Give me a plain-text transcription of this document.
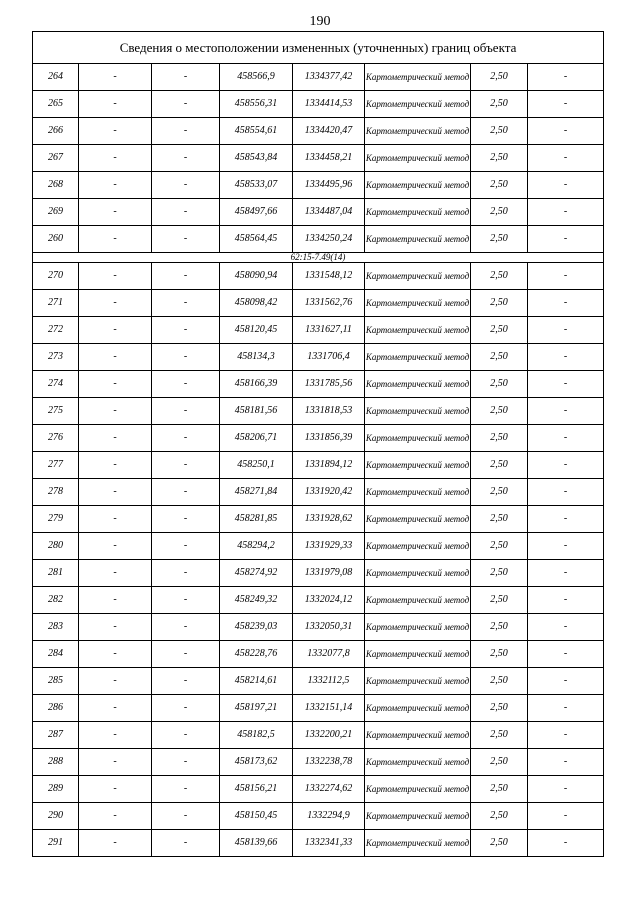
190
Сведения о местоположении измененных (уточненных) границ объекта							
264	-	-	458566,9	1334377,42	Картометрический метод	2,50	-
265	-	-	458556,31	1334414,53	Картометрический метод	2,50	-
266	-	-	458554,61	1334420,47	Картометрический метод	2,50	-
267	-	-	458543,84	1334458,21	Картометрический метод	2,50	-
268	-	-	458533,07	1334495,96	Картометрический метод	2,50	-
269	-	-	458497,66	1334487,04	Картометрический метод	2,50	-
260	-	-	458564,45	1334250,24	Картометрический метод	2,50	-
62:15-7.49(14)							
270	-	-	458090,94	1331548,12	Картометрический метод	2,50	-
271	-	-	458098,42	1331562,76	Картометрический метод	2,50	-
272	-	-	458120,45	1331627,11	Картометрический метод	2,50	-
273	-	-	458134,3	1331706,4	Картометрический метод	2,50	-
274	-	-	458166,39	1331785,56	Картометрический метод	2,50	-
275	-	-	458181,56	1331818,53	Картометрический метод	2,50	-
276	-	-	458206,71	1331856,39	Картометрический метод	2,50	-
277	-	-	458250,1	1331894,12	Картометрический метод	2,50	-
278	-	-	458271,84	1331920,42	Картометрический метод	2,50	-
279	-	-	458281,85	1331928,62	Картометрический метод	2,50	-
280	-	-	458294,2	1331929,33	Картометрический метод	2,50	-
281	-	-	458274,92	1331979,08	Картометрический метод	2,50	-
282	-	-	458249,32	1332024,12	Картометрический метод	2,50	-
283	-	-	458239,03	1332050,31	Картометрический метод	2,50	-
284	-	-	458228,76	1332077,8	Картометрический метод	2,50	-
285	-	-	458214,61	1332112,5	Картометрический метод	2,50	-
286	-	-	458197,21	1332151,14	Картометрический метод	2,50	-
287	-	-	458182,5	1332200,21	Картометрический метод	2,50	-
288	-	-	458173,62	1332238,78	Картометрический метод	2,50	-
289	-	-	458156,21	1332274,62	Картометрический метод	2,50	-
290	-	-	458150,45	1332294,9	Картометрический метод	2,50	-
291	-	-	458139,66	1332341,33	Картометрический метод	2,50	-
